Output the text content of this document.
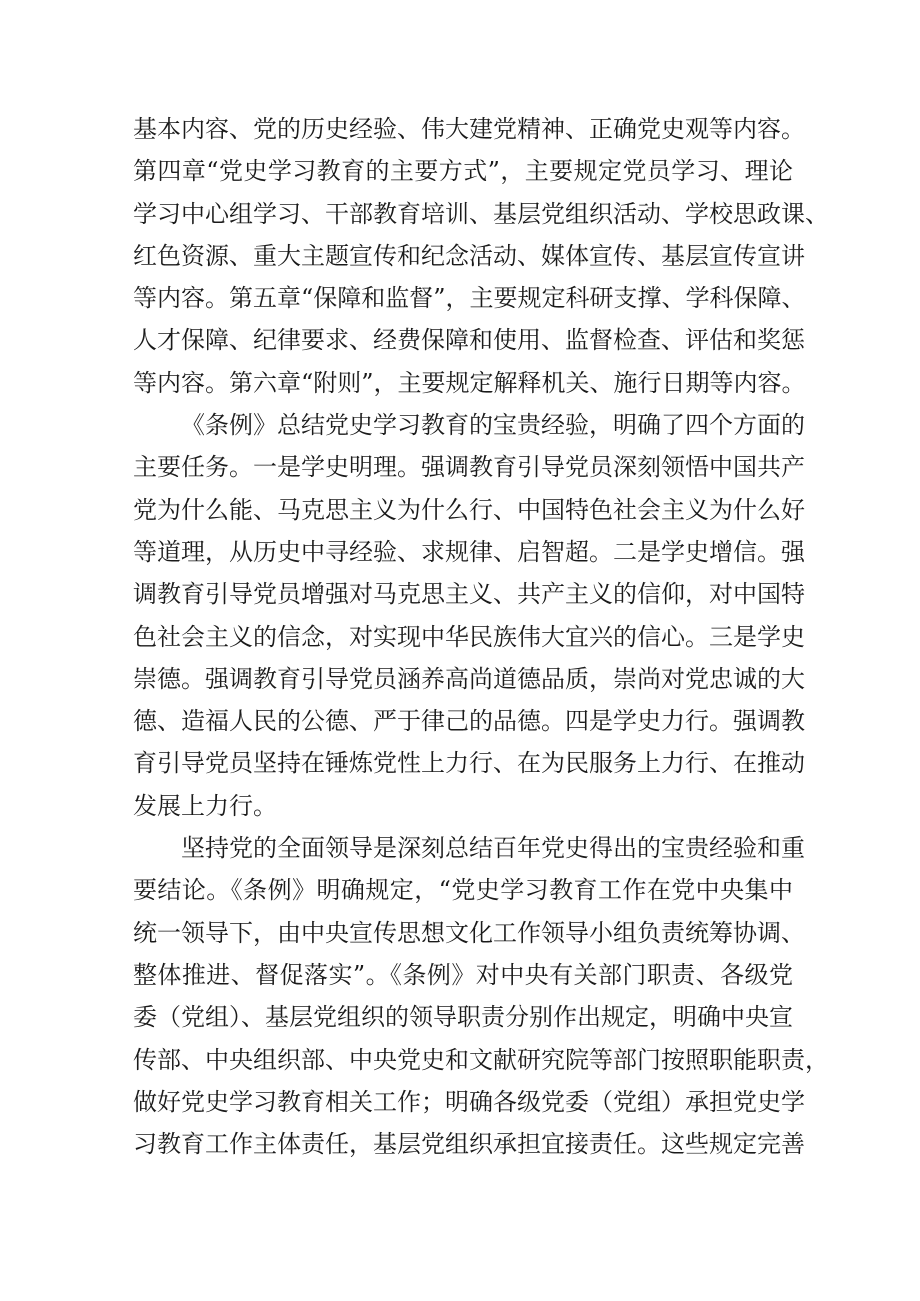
基本内容、党的历史经验、伟大建党精神、正确党史观等内容。
第四章“党史学习教育的主要方式”，主要规定党员学习、理论
学习中心组学习、干部教育培训、基层党组织活动、学校思政课、
红色资源、重大主题宣传和纪念活动、媒体宣传、基层宣传宣讲
等内容。第五章“保障和监督”，主要规定科研支撑、学科保障、
人才保障、纪律要求、经费保障和使用、监督检查、评估和奖惩
等内容。第六章“附则”，主要规定解释机关、施行日期等内容。
《条例》总结党史学习教育的宝贵经验，明确了四个方面的
主要任务。一是学史明理。强调教育引导党员深刻领悟中国共产
党为什么能、马克思主义为什么行、中国特色社会主义为什么好
等道理，从历史中寻经验、求规律、启智超。二是学史增信。强
调教育引导党员增强对马克思主义、共产主义的信仰，对中国特
色社会主义的信念，对实现中华民族伟大宜兴的信心。三是学史
崇德。强调教育引导党员涵养高尚道德品质，崇尚对党忠诚的大
德、造福人民的公德、严于律己的品德。四是学史力行。强调教
育引导党员坚持在锤炼党性上力行、在为民服务上力行、在推动
发展上力行。
坚持党的全面领导是深刻总结百年党史得出的宝贵经验和重
要结论。《条例》明确规定，“党史学习教育工作在党中央集中
统一领导下，由中央宣传思想文化工作领导小组负责统筹协调、
整体推进、督促落实”。《条例》对中央有关部门职责、各级党
委（党组）、基层党组织的领导职责分别作出规定，明确中央宣
传部、中央组织部、中央党史和文献研究院等部门按照职能职责，
做好党史学习教育相关工作；明确各级党委（党组）承担党史学
习教育工作主体责任，基层党组织承担宜接责任。这些规定完善
